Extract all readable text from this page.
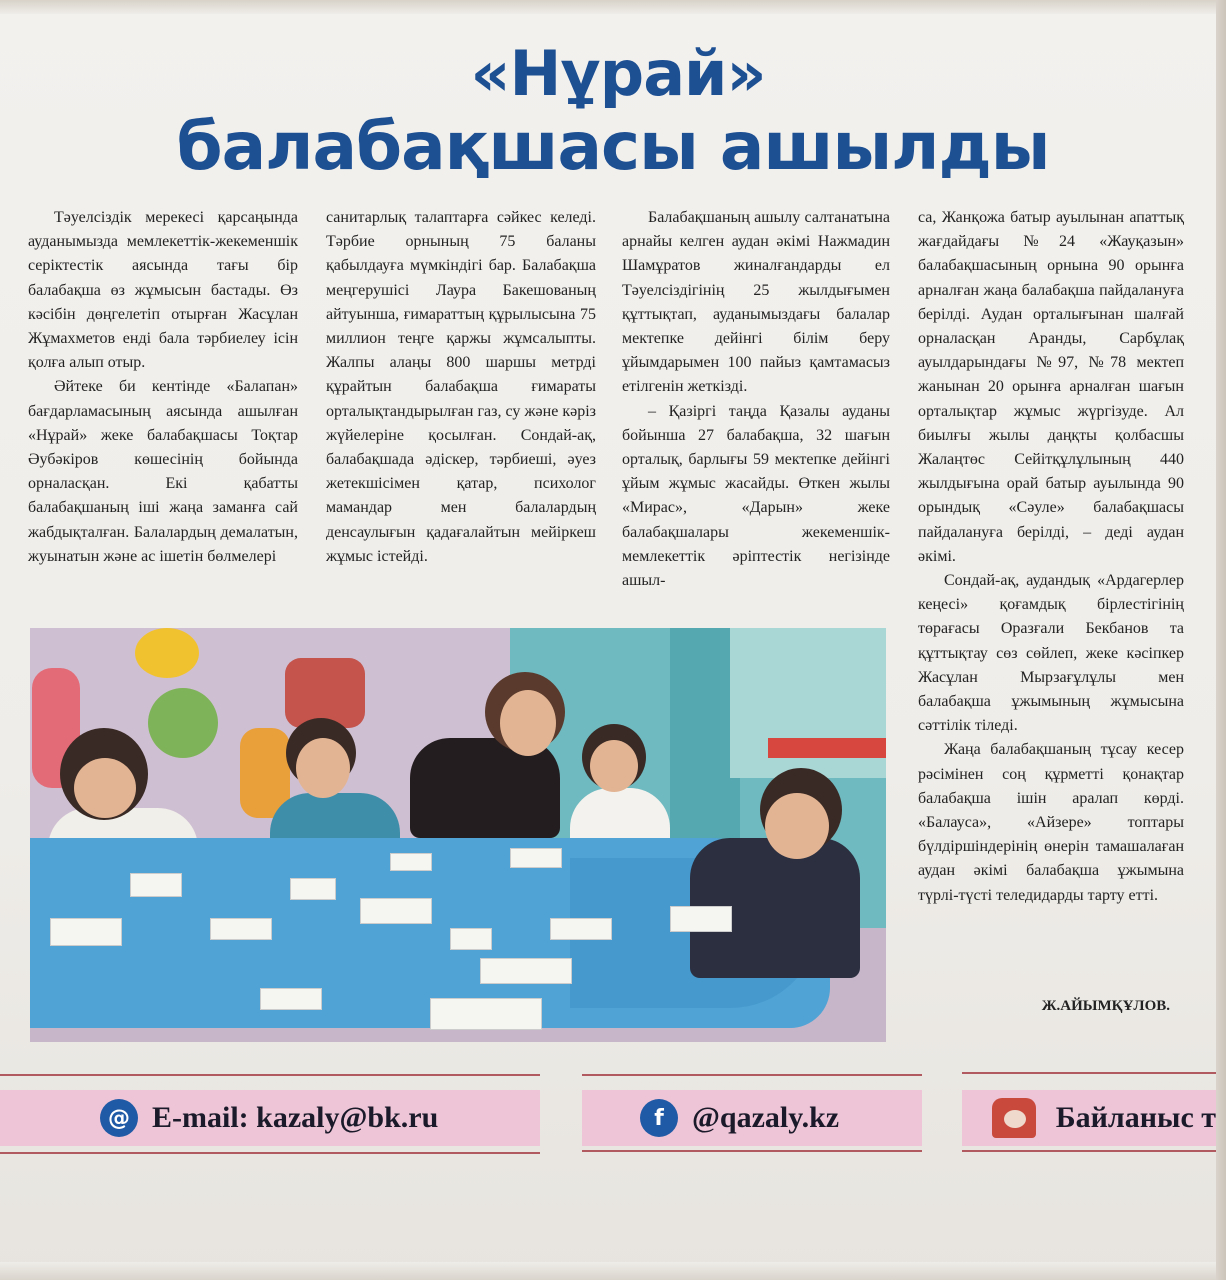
«Нұрай»
балабақшасы ашылды

Тәуелсіздік мерекесі қарсаңында ауданымызда мемлекеттік-жекеменшік серіктестік аясында тағы бір балабақша өз жұмысын бастады. Өз кәсібін дөңгелетіп отырған Жасұлан Жұмахметов енді бала тәрбиелеу ісін қолға алып отыр.

Әйтеке би кентінде «Балапан» бағдарламасының аясында ашылған «Нұрай» жеке балабақшасы Тоқтар Әубәкіров көшесінің бойында орналасқан. Екі қабатты балабақшаның іші жаңа заманға сай жабдықталған. Балалардың демалатын, жуынатын және ас ішетін бөлмелері

санитарлық талаптарға сәйкес келеді. Тәрбие орнының 75 баланы қабылдауға мүмкіндігі бар. Балабақша меңгерушісі Лаура Бакешованың айтуынша, ғимараттың құрылысына 75 миллион теңге қаржы жұмсалыпты. Жалпы алаңы 800 шаршы метрді құрайтын балабақша ғимараты орталықтандырылған газ, су және кәріз жүйелеріне қосылған. Сондай-ақ, балабақшада әдіскер, тәрбиеші, әуез жетекшісімен қатар, психолог мамандар мен балалардың денсаулығын қадағалайтын мейіркеш жұмыс істейді.

Балабақшаның ашылу салтанатына арнайы келген аудан әкімі Нажмадин Шамұратов жиналғандарды ел Тәуелсіздігінің 25 жылдығымен құттықтап, ауданымыздағы балалар мектепке дейінгі білім беру ұйымдарымен 100 пайыз қамтамасыз етілгенін жеткізді.

– Қазіргі таңда Қазалы ауданы бойынша 27 балабақша, 32 шағын орталық, барлығы 59 мектепке дейінгі ұйым жұмыс жасайды. Өткен жылы «Мирас», «Дарын» жеке балабақшалары жекеменшік-мемлекеттік әріптестік негізінде ашыл-

са, Жанқожа батыр ауылынан апаттық жағдайдағы №24 «Жауқазын» балабақшасының орнына 90 орынға арналған жаңа балабақша пайдалануға берілді. Аудан орталығынан шалғай орналасқан Аранды, Сарбұлақ ауылдарындағы №97, №78 мектеп жанынан 20 орынға арналған шағын орталықтар жұмыс жүргізуде. Ал биылғы жылы даңқты қолбасшы Жалаңтөс Сейітқұлұлының 440 жылдығына орай батыр ауылында 90 орындық «Сәуле» балабақшасы пайдалануға берілді, – деді аудан әкімі.

Сондай-ақ, аудандық «Ардагерлер кеңесі» қоғамдық бірлестігінің төрағасы Оразғали Бекбанов та құттықтау сөз сөйлеп, жеке кәсіпкер Жасұлан Мырзағұлұлы мен балабақша ұжымының жұмысына сәттілік тіледі.

Жаңа балабақшаның тұсау кесер рәсімінен соң құрметті қонақтар балабақша ішін аралап көрді. «Балауса», «Айзере» топтары бүлдіршіндерінің өнерін тамашалаған аудан әкімі балабақша ұжымына түрлі-түсті теледидарды тарту етті.

Ж.АЙЫМҚҰЛОВ.
@ E-mail: kazaly@bk.ru	f @qazaly.kz	Байланыс т
